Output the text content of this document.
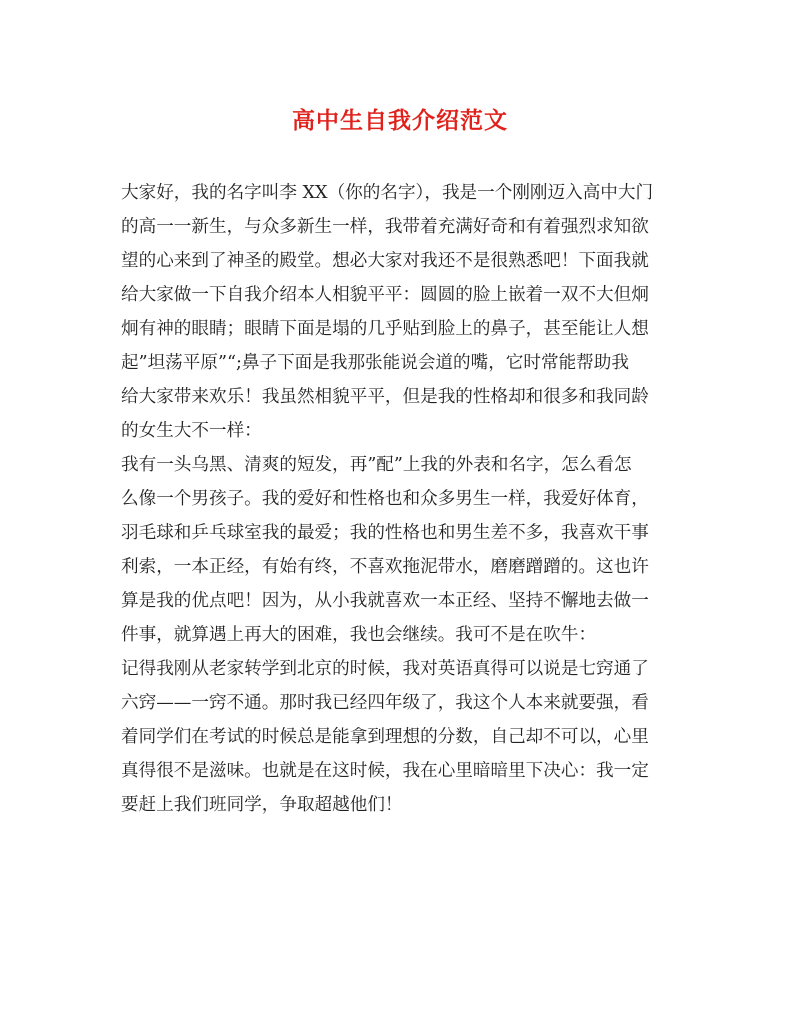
高中生自我介绍范文
大家好，我的名字叫李 XX（你的名字），我是一个刚刚迈入高中大门
的高一一新生，与众多新生一样，我带着充满好奇和有着强烈求知欲
望的心来到了神圣的殿堂。想必大家对我还不是很熟悉吧！下面我就
给大家做一下自我介绍本人相貌平平：圆圆的脸上嵌着一双不大但炯
炯有神的眼睛；眼睛下面是塌的几乎贴到脸上的鼻子，甚至能让人想
起”坦荡平原”“;鼻子下面是我那张能说会道的嘴，它时常能帮助我
给大家带来欢乐！我虽然相貌平平，但是我的性格却和很多和我同龄
的女生大不一样：
我有一头乌黑、清爽的短发，再”配”上我的外表和名字，怎么看怎
么像一个男孩子。我的爱好和性格也和众多男生一样，我爱好体育，
羽毛球和乒乓球室我的最爱；我的性格也和男生差不多，我喜欢干事
利索，一本正经，有始有终，不喜欢拖泥带水，磨磨蹭蹭的。这也许
算是我的优点吧！因为，从小我就喜欢一本正经、坚持不懈地去做一
件事，就算遇上再大的困难，我也会继续。我可不是在吹牛：
记得我刚从老家转学到北京的时候，我对英语真得可以说是七窍通了
六窍——一窍不通。那时我已经四年级了，我这个人本来就要强，看
着同学们在考试的时候总是能拿到理想的分数，自己却不可以，心里
真得很不是滋味。也就是在这时候，我在心里暗暗里下决心：我一定
要赶上我们班同学，争取超越他们！
